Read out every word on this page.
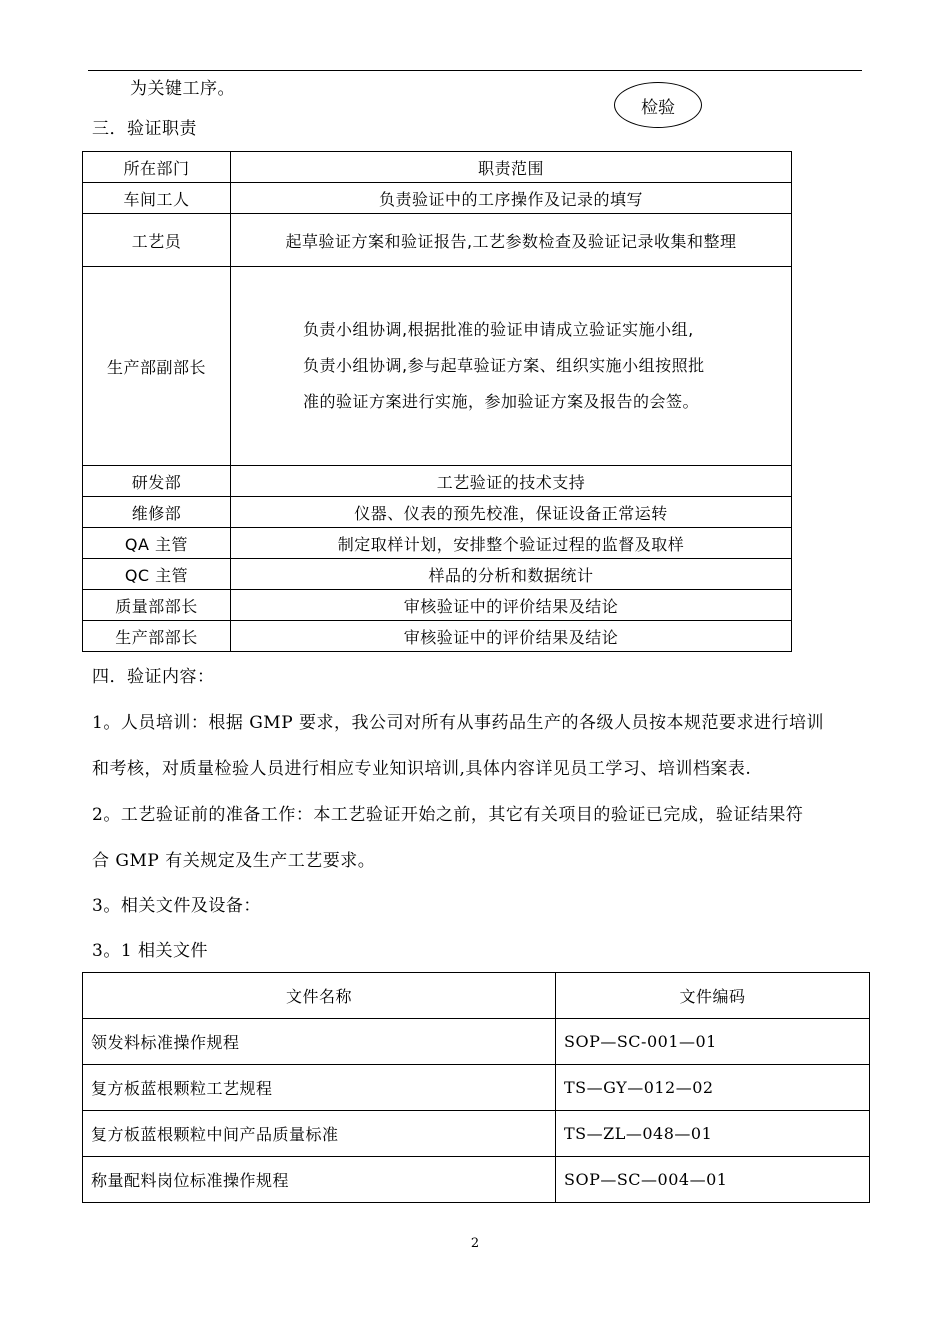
为关键工序。
检验
三．验证职责
所在部门	职责范围
车间工人	负责验证中的工序操作及记录的填写
工艺员	起草验证方案和验证报告,工艺参数检查及验证记录收集和整理
生产部副部长	负责小组协调,根据批准的验证申请成立验证实施小组,
负责小组协调,参与起草验证方案、组织实施小组按照批
准的验证方案进行实施，参加验证方案及报告的会签。

研发部	工艺验证的技术支持
维修部	仪器、仪表的预先校准，保证设备正常运转
QA 主管	制定取样计划，安排整个验证过程的监督及取样
QC 主管	样品的分析和数据统计
质量部部长	审核验证中的评价结果及结论
生产部部长	审核验证中的评价结果及结论
四．验证内容：
1。人员培训：根据 GMP 要求，我公司对所有从事药品生产的各级人员按本规范要求进行培训
和考核，对质量检验人员进行相应专业知识培训,具体内容详见员工学习、培训档案表.
2。工艺验证前的准备工作：本工艺验证开始之前，其它有关项目的验证已完成，验证结果符
合 GMP 有关规定及生产工艺要求。
3。相关文件及设备：
3。1 相关文件
文件名称	文件编码
领发料标准操作规程	SOP—SC-001—01
复方板蓝根颗粒工艺规程	TS—GY—012—02
复方板蓝根颗粒中间产品质量标准	TS—ZL—048—01
称量配料岗位标准操作规程	SOP—SC—004—01
2
